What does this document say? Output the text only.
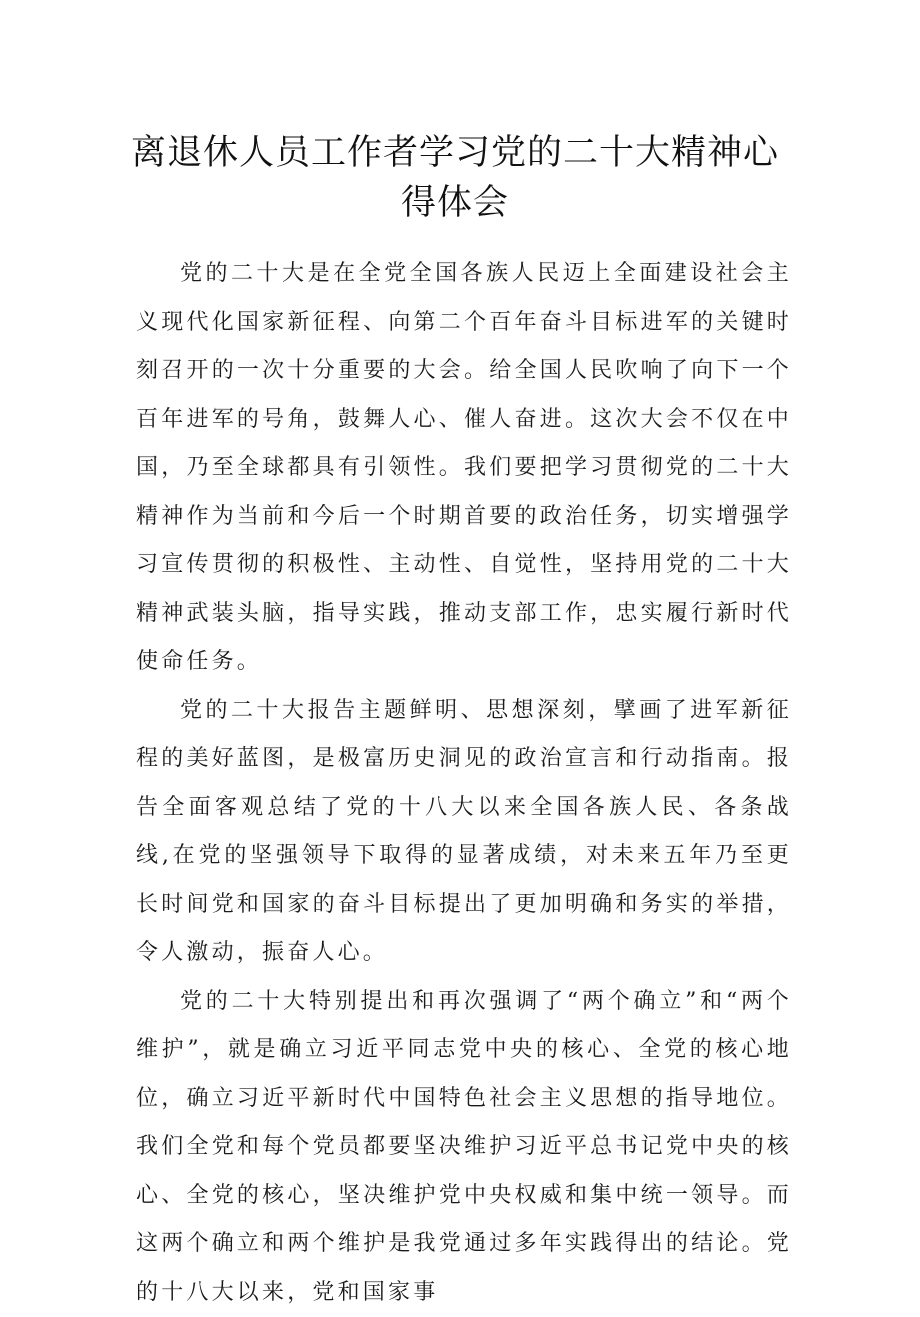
离退休人员工作者学习党的二十大精神心
得体会

党的二十大是在全党全国各族人民迈上全面建设社会主义现代化国家新征程、向第二个百年奋斗目标进军的关键时刻召开的一次十分重要的大会。给全国人民吹响了向下一个百年进军的号角，鼓舞人心、催人奋进。这次大会不仅在中国，乃至全球都具有引领性。我们要把学习贯彻党的二十大精神作为当前和今后一个时期首要的政治任务，切实增强学习宣传贯彻的积极性、主动性、自觉性，坚持用党的二十大精神武装头脑，指导实践，推动支部工作，忠实履行新时代使命任务。

党的二十大报告主题鲜明、思想深刻，擘画了进军新征程的美好蓝图，是极富历史洞见的政治宣言和行动指南。报告全面客观总结了党的十八大以来全国各族人民、各条战线,在党的坚强领导下取得的显著成绩，对未来五年乃至更长时间党和国家的奋斗目标提出了更加明确和务实的举措，令人激动，振奋人心。

党的二十大特别提出和再次强调了“两个确立”和“两个维护”，就是确立习近平同志党中央的核心、全党的核心地位，确立习近平新时代中国特色社会主义思想的指导地位。我们全党和每个党员都要坚决维护习近平总书记党中央的核心、全党的核心，坚决维护党中央权威和集中统一领导。而这两个确立和两个维护是我党通过多年实践得出的结论。党的十八大以来，党和国家事
